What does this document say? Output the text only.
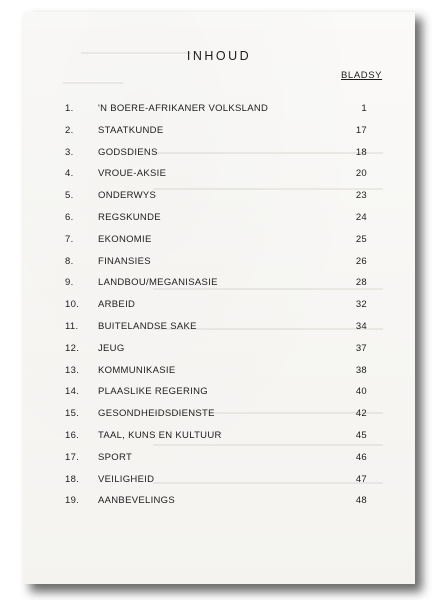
INHOUD
BLADSY
1.	'N BOERE-AFRIKANER VOLKSLAND	1
2.	STAATKUNDE	17
3.	GODSDIENS	18
4.	VROUE-AKSIE	20
5.	ONDERWYS	23
6.	REGSKUNDE	24
7.	EKONOMIE	25
8.	FINANSIES	26
9.	LANDBOU/MEGANISASIE	28
10. ARBEID	32
11. BUITELANDSE SAKE	34
12. JEUG	37
13. KOMMUNIKASIE	38
14. PLAASLIKE REGERING	40
15. GESONDHEIDSDIENSTE	42
16. TAAL, KUNS EN KULTUUR	45
17. SPORT	46
18. VEILIGHEID	47
19. AANBEVELINGS	48
